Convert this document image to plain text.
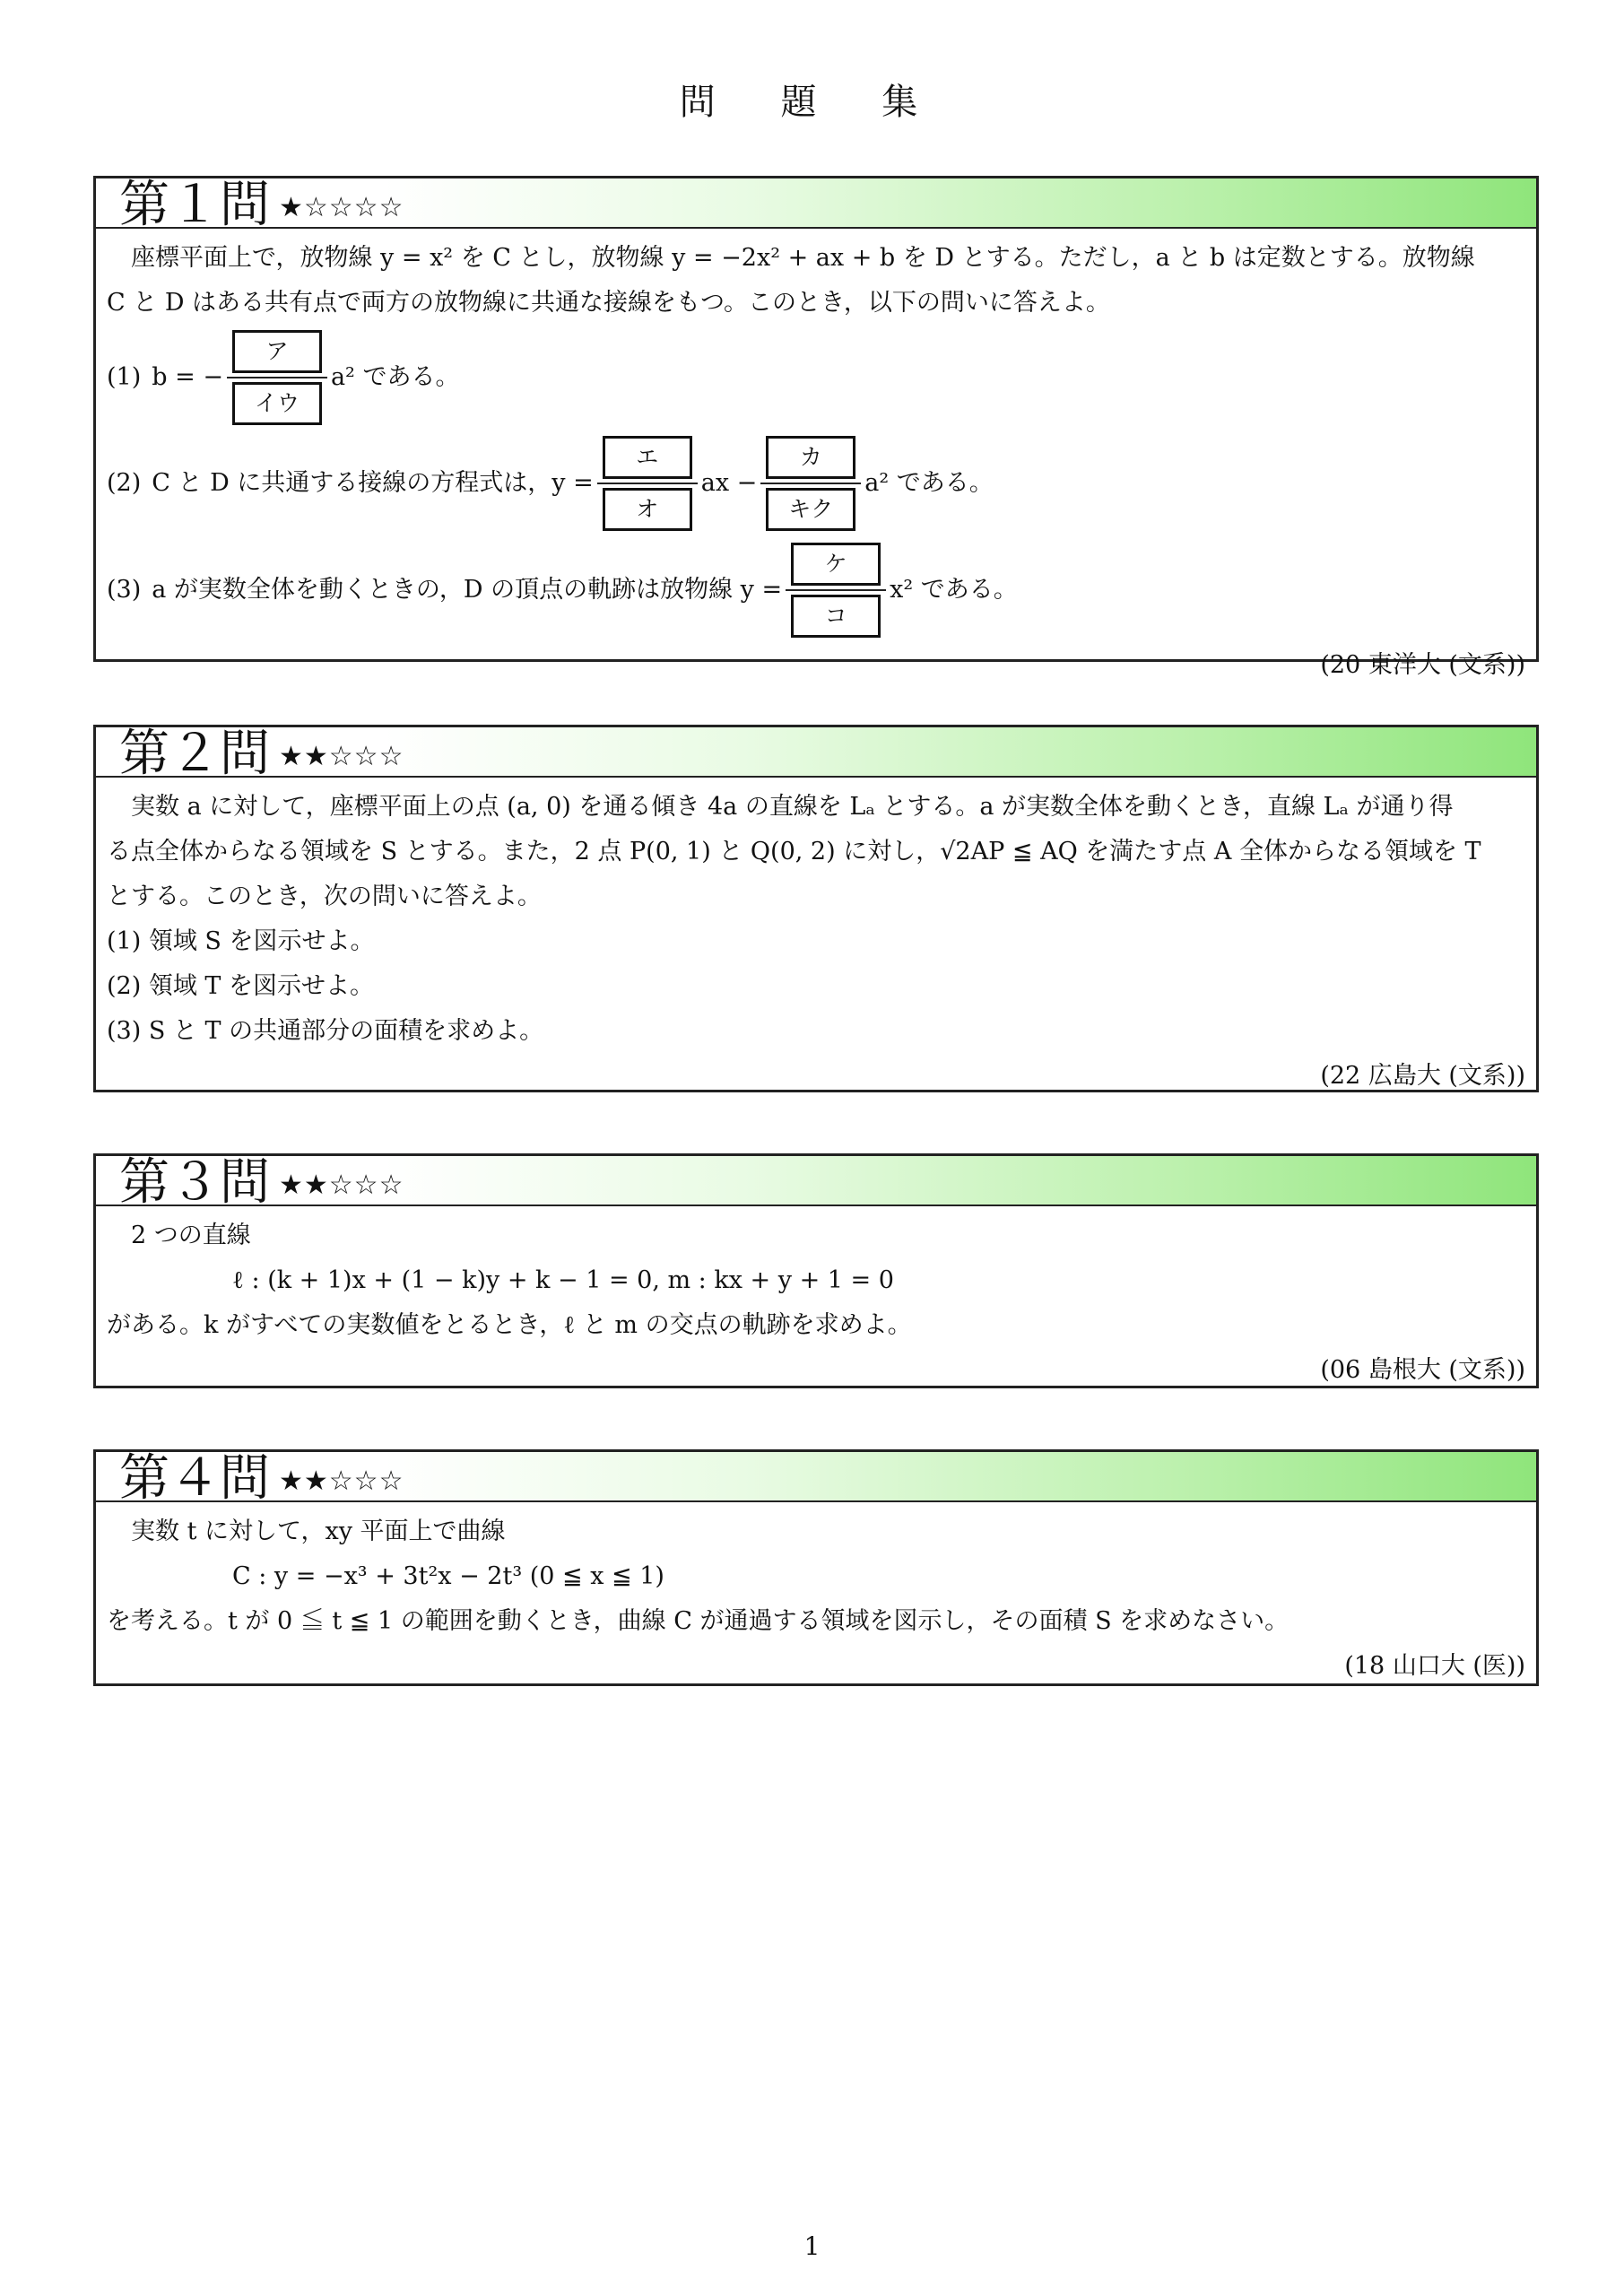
問 題 集
第１問 ★☆☆☆☆
座標平面上で，放物線 y = x² を C とし，放物線 y = −2x² + ax + b を D とする。ただし，a と b は定数とする。放物線
C と D はある共有点で両方の放物線に共通な接線をもつ。このとき，以下の問いに答えよ。
(1) b = − $\frac{\text{ア}}{\text{イウ}} a^2$ である。
(2) C と D に共通する接線の方程式は，$y = \frac{\text{エ}}{\text{オ}}$ ax − $\frac{\text{カ}}{\text{キク}} a^2$ である。
(3) a が実数全体を動くときの，D の頂点の軌跡は放物線 $y = \frac{\text{ケ}}{\text{コ}} x^2$ である。
(20 東洋大 (文系))
第２問 ★★☆☆☆
実数 a に対して，座標平面上の点 (a, 0) を通る傾き 4a の直線を Lₐ とする。a が実数全体を動くとき，直線 Lₐ が通り得
る点全体からなる領域を S とする。また，2 点 P(0, 1) と Q(0, 2) に対し，√2AP ≦ AQ を満たす点 A 全体からなる領域を T
とする。このとき，次の問いに答えよ。
(1) 領域 S を図示せよ。
(2) 領域 T を図示せよ。
(3) S と T の共通部分の面積を求めよ。
(22 広島大 (文系))
第３問 ★★☆☆☆
2 つの直線
ℓ : (k + 1)x + (1 − k)y + k − 1 = 0, m : kx + y + 1 = 0
がある。k がすべての実数値をとるとき，ℓ と m の交点の軌跡を求めよ。
(06 島根大 (文系))
第４問 ★★☆☆☆
実数 t に対して，xy 平面上で曲線
C : y = −x³ + 3t²x − 2t³ (0 ≦ x ≦ 1)
を考える。t が 0 ≦ t ≦ 1 の範囲を動くとき，曲線 C が通過する領域を図示し，その面積 S を求めなさい。
(18 山口大 (医))
1
